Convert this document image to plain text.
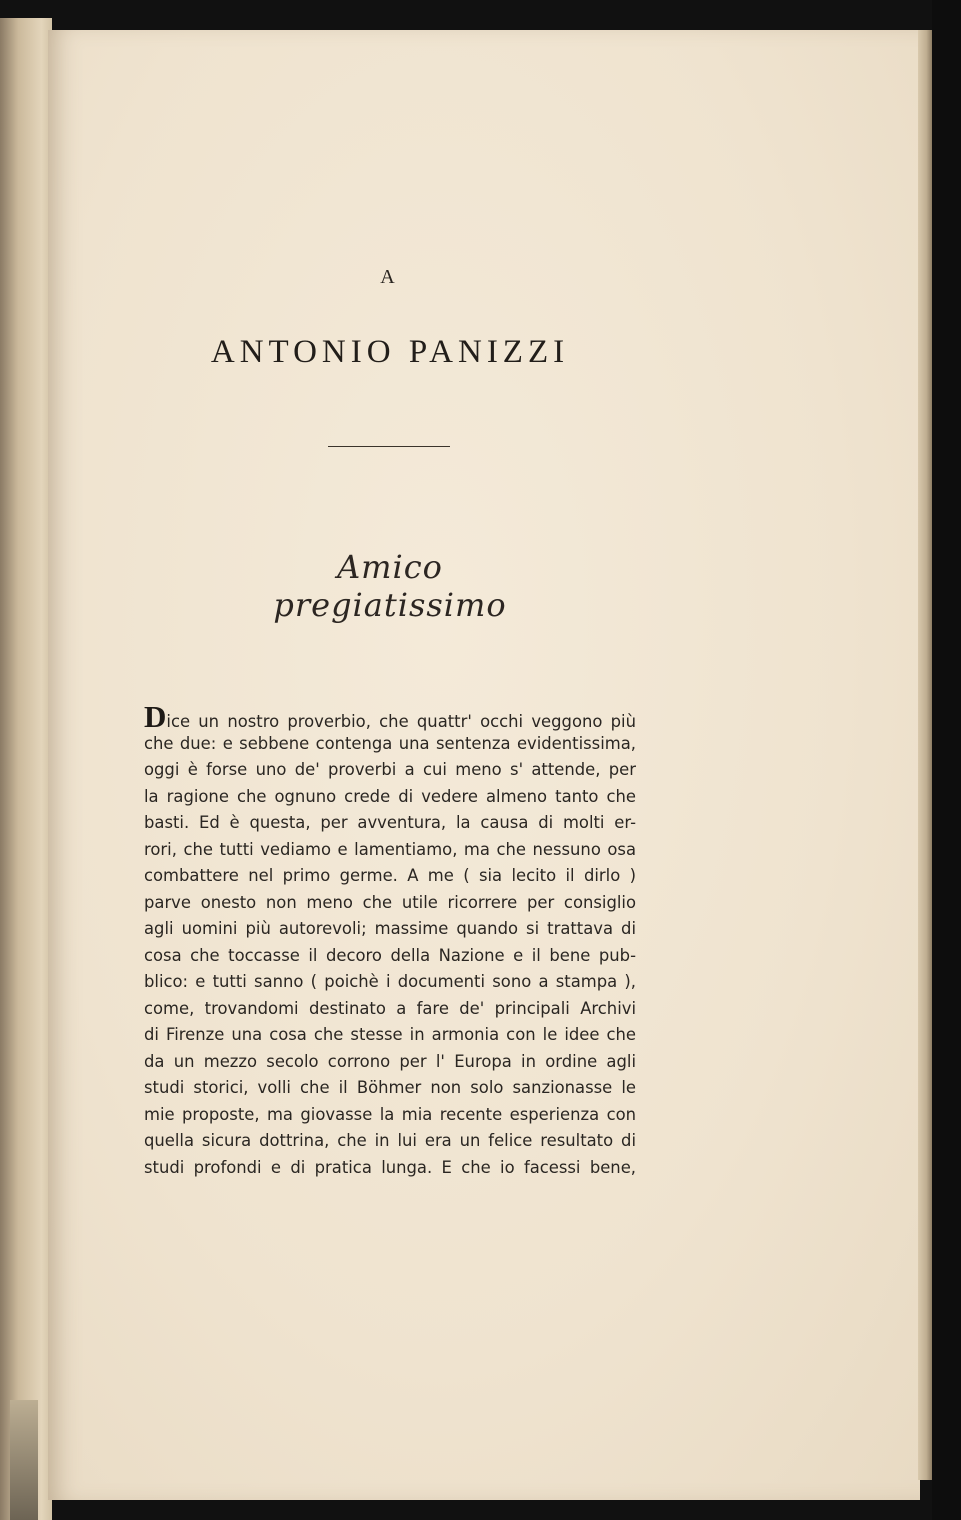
A
ANTONIO PANIZZI
Amico pregiatissimo
Dice un nostro proverbio, che quattr' occhi veggono più
che due: e sebbene contenga una sentenza evidentissima,
oggi è forse uno de' proverbi a cui meno s' attende, per
la ragione che ognuno crede di vedere almeno tanto che
basti. Ed è questa, per avventura, la causa di molti er-
rori, che tutti vediamo e lamentiamo, ma che nessuno osa
combattere nel primo germe. A me ( sia lecito il dirlo )
parve onesto non meno che utile ricorrere per consiglio
agli uomini più autorevoli; massime quando si trattava di
cosa che toccasse il decoro della Nazione e il bene pub-
blico: e tutti sanno ( poichè i documenti sono a stampa ),
come, trovandomi destinato a fare de' principali Archivi
di Firenze una cosa che stesse in armonia con le idee che
da un mezzo secolo corrono per l' Europa in ordine agli
studi storici, volli che il Böhmer non solo sanzionasse le
mie proposte, ma giovasse la mia recente esperienza con
quella sicura dottrina, che in lui era un felice resultato di
studi profondi e di pratica lunga. E che io facessi bene,
